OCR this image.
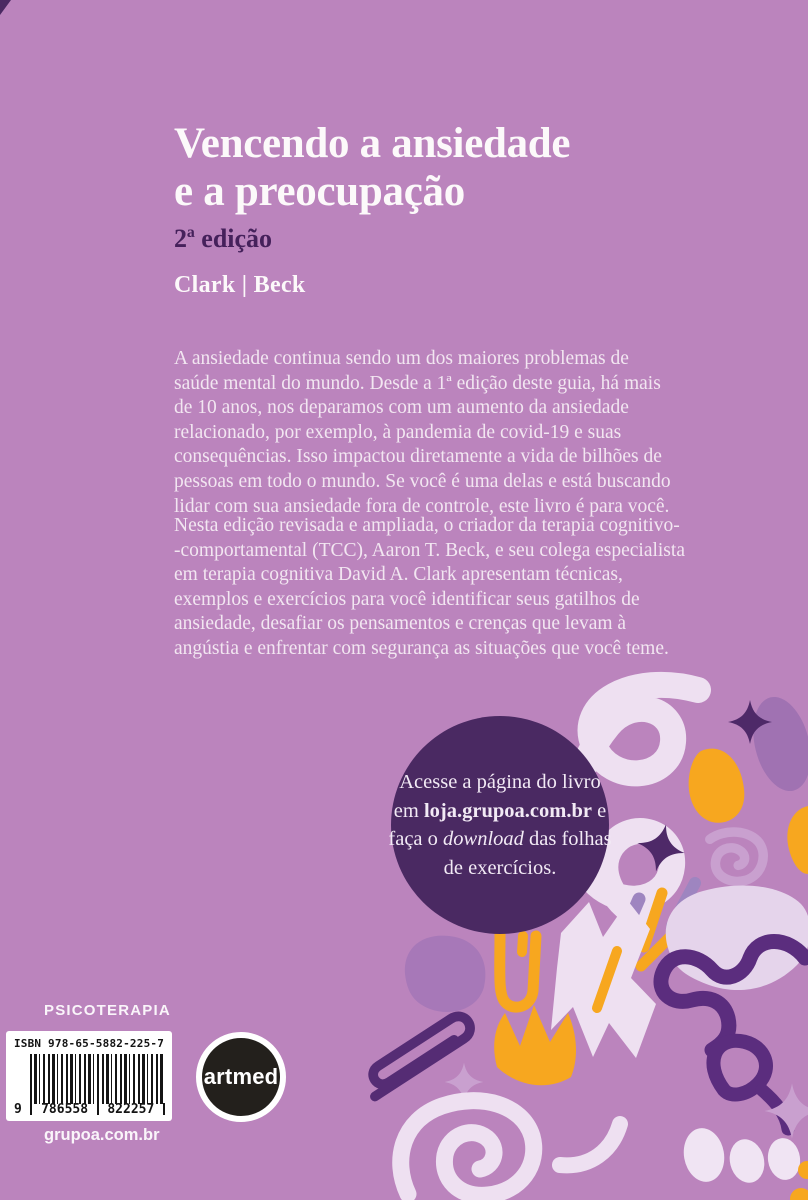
Vencendo a ansiedade
e a preocupação
2ª edição
Clark | Beck
A ansiedade continua sendo um dos maiores problemas de
saúde mental do mundo. Desde a 1ª edição deste guia, há mais
de 10 anos, nos deparamos com um aumento da ansiedade
relacionado, por exemplo, à pandemia de covid-19 e suas
consequências. Isso impactou diretamente a vida de bilhões de
pessoas em todo o mundo. Se você é uma delas e está buscando
lidar com sua ansiedade fora de controle, este livro é para você.
Nesta edição revisada e ampliada, o criador da terapia cognitivo-
-comportamental (TCC), Aaron T. Beck, e seu colega especialista
em terapia cognitiva David A. Clark apresentam técnicas,
exemplos e exercícios para você identificar seus gatilhos de
ansiedade, desafiar os pensamentos e crenças que levam à
angústia e enfrentar com segurança as situações que você teme.
Acesse a página do livro
em loja.grupoa.com.br e
faça o download das folhas
de exercícios.
PSICOTERAPIA
ISBN 978-65-5882-225-7
9 786558 822257
grupoa.com.br
artmed
